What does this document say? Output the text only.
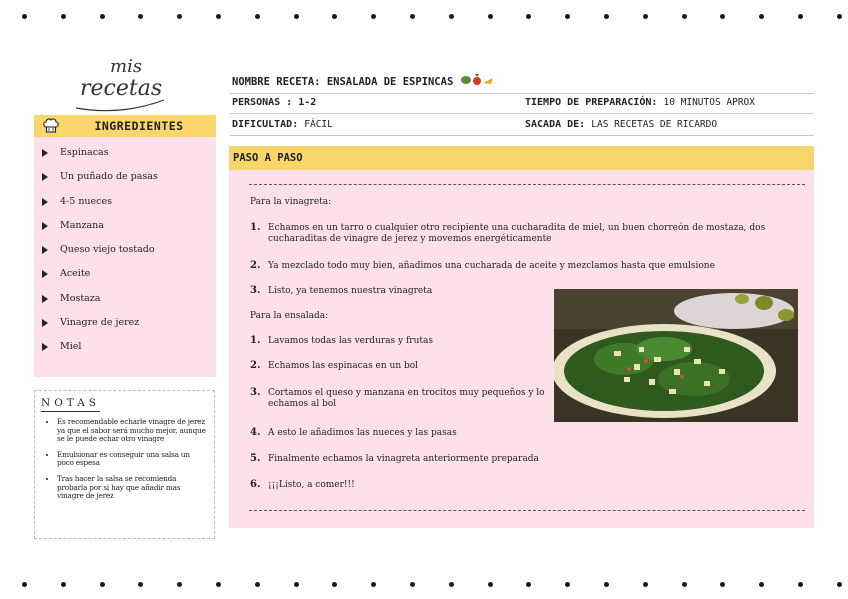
mis
recetas
INGREDIENTES
Espinacas
Un puñado de pasas
4-5 nueces
Manzana
Queso viejo tostado
Aceite
Mostaza
Vinagre de jerez
Miel
NOTAS
• Es recomendable echarle vinagre de jerez ya que el sabor será mucho mejor, aunque se le puede echar otro vinagre
• Emulsionar es conseguir una salsa un poco espesa
• Tras hacer la salsa se recomienda probarla por si hay que añadir mas vinagre de jerez
NOMBRE RECETA: ENSALADA DE ESPINCAS
PERSONAS : 1-2	TIEMPO DE PREPARACIÓN: 10 MINUTOS APROX
DIFICULTAD: FÁCIL	SACADA DE: LAS RECETAS DE RICARDO
PASO A PASO
Para la vinagreta:
1. Echamos en un tarro o cualquier otro recipiente una cucharadita de miel, un buen chorreón de mostaza, dos cucharaditas de vinagre de jerez y movemos energéticamente
2. Ya mezclado todo muy bien, añadimos una cucharada de aceite y mezclamos hasta que emulsione
3. Listo, ya tenemos nuestra vinagreta
Para la ensalada:
1. Lavamos todas las verduras y frutas
2. Echamos las espinacas en un bol
3. Cortamos el queso y manzana en trocitos muy pequeños y lo echamos al bol
4. A esto le añadimos las nueces y las pasas
5. Finalmente echamos la vinagreta anteriormente preparada
6. ¡¡¡Listo, a comer!!!
